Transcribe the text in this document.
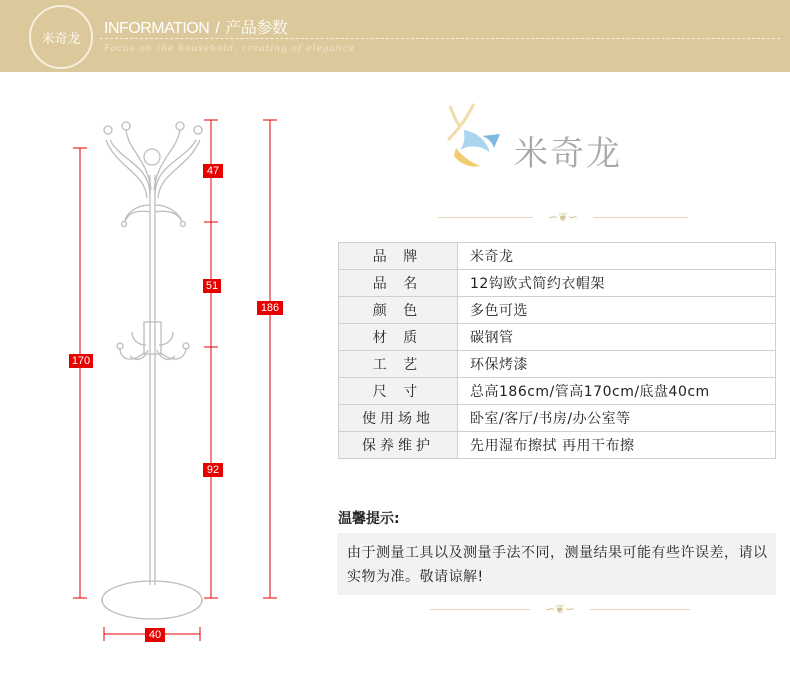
米奇龙
INFORMATION / 产品参数
Focus on the household, creating of elegance
47
51
92
170
186
40
米奇龙
∽❦∽
品 牌	米奇龙
品 名	12钩欧式简约衣帽架
颜 色	多色可选
材 质	碳钢管
工 艺	环保烤漆
尺 寸	总高186cm/管高170cm/底盘40cm
使用场地	卧室/客厅/书房/办公室等
保养维护	先用湿布擦拭 再用干布擦
温馨提示:
由于测量工具以及测量手法不同，测量结果可能有些许误差，请以实物为准。敬请谅解!
∽❦∽
